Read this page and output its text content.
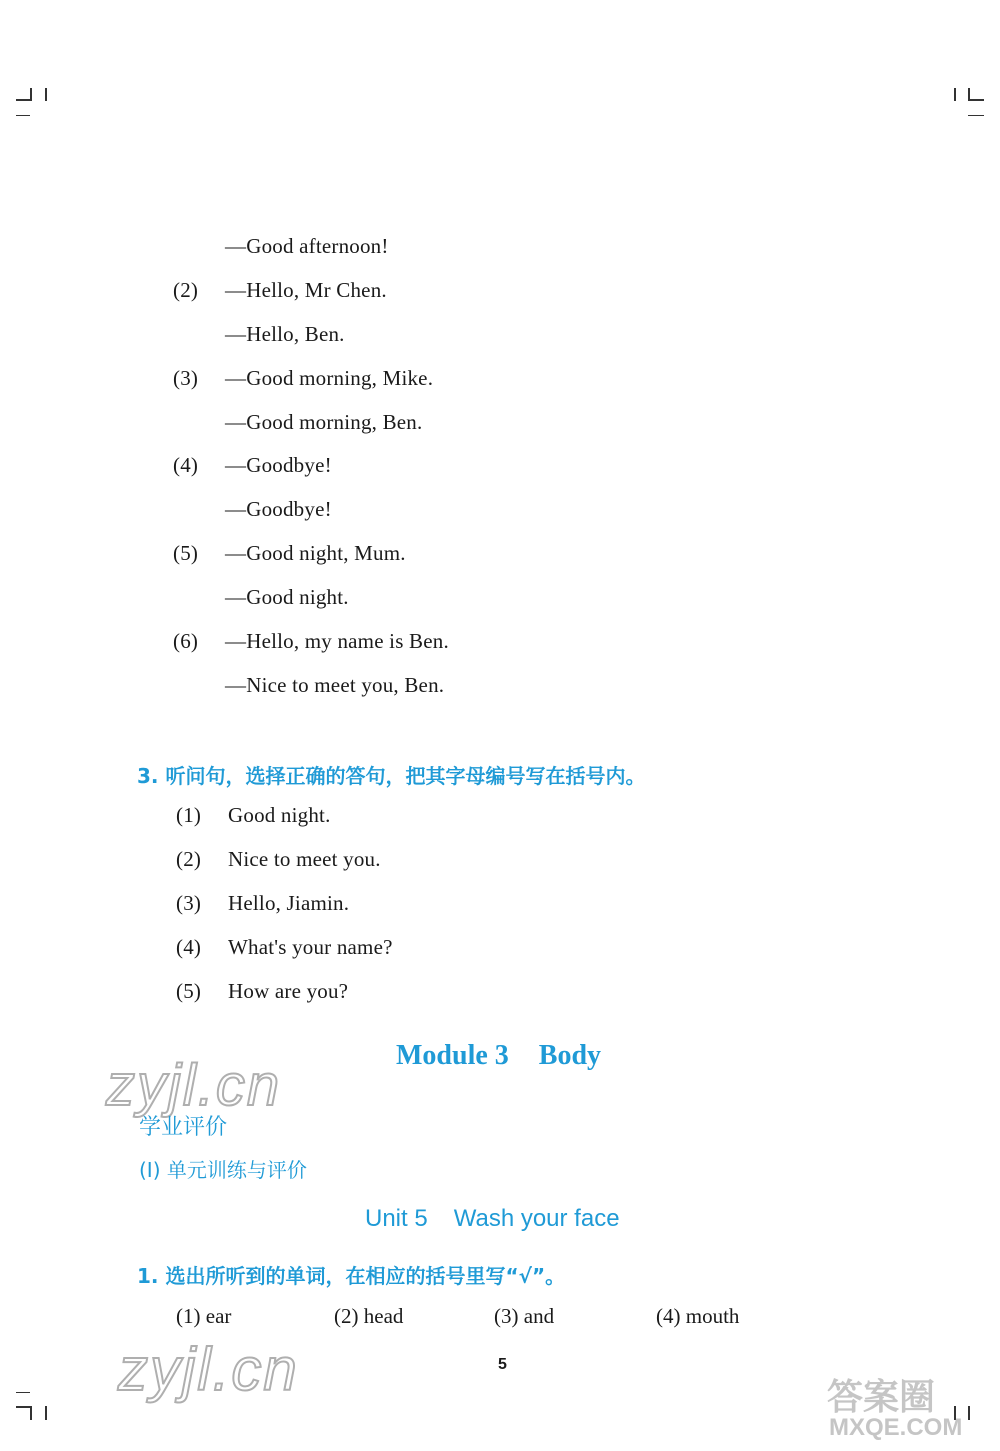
—Good afternoon!
(2) —Hello, Mr Chen.
—Hello, Ben.
(3) —Good morning, Mike.
—Good morning, Ben.
(4) —Goodbye!
—Goodbye!
(5) —Good night, Mum.
—Good night.
(6) —Hello, my name is Ben.
—Nice to meet you, Ben.
3. 听问句，选择正确的答句，把其字母编号写在括号内。
(1) Good night.
(2) Nice to meet you.
(3) Hello, Jiamin.
(4) What's your name?
(5) How are you?
Module 3 Body
zyjl.cn
学业评价
(Ⅰ) 单元训练与评价
Unit 5 Wash your face
1. 选出所听到的单词，在相应的括号里写“√”。
(1) ear	(2) head	(3) and	(4) mouth
zyjl.cn	5
答案圈
MXQE.COM
